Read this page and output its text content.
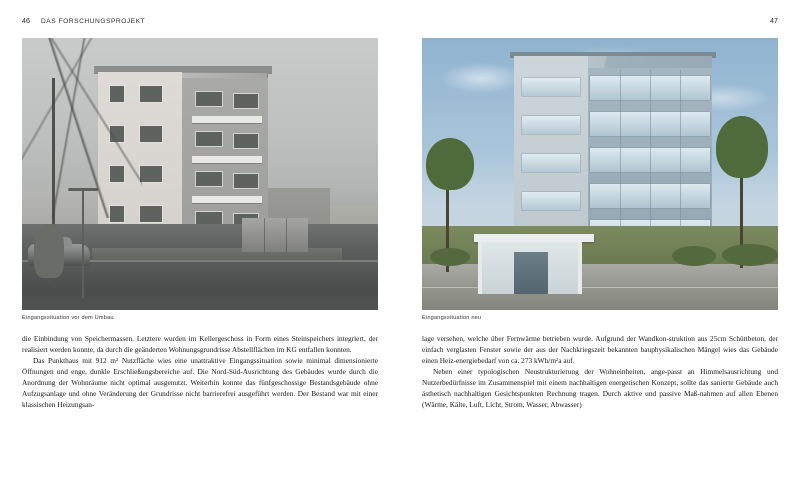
46 DAS FORSCHUNGSPROJEKT
Eingangssituation vor dem Umbau

die Einbindung von Speichermassen. Letztere wurden im Kellergeschoss in Form eines Steinspeichers integriert, der realisiert werden konnte, da durch die geänderten Wohnungsgrundrisse Abstellflächen im KG entfallen konnten.

Das Punkthaus mit 912 m² Nutzfläche wies eine unattraktive Eingangssituation sowie minimal dimensionierte Öffnungen und enge, dunkle Erschließungsbereiche auf. Die Nord-Süd-Ausrichtung des Gebäudes wurde durch die Anordnung der Wohnräume nicht optimal ausgenutzt. Weiterhin konnte das fünfgeschossige Bestandsgebäude ohne Aufzugsanlage und ohne Veränderung der Grundrisse nicht barrierefrei ausgeführt werden. Der Bestand war mit einer klassischen Heizungsan-

47
Eingangssituation neu

lage versehen, welche über Fernwärme betrieben wurde. Aufgrund der Wandkon-struktion aus 25cm Schüttbeton, der einfach verglasten Fenster sowie der aus der Nachkriegszeit bekannten bauphysikalischen Mängel wies das Gebäude einen Heiz-energiebedarf von ca. 273 kWh/m²a auf.

Neben einer typologischen Neustrukturierung der Wohneinheiten, ange-passt an Himmelsausrichtung und Nutzerbedürfnisse im Zusammenspiel mit einem nachhaltigen energetischen Konzept, sollte das sanierte Gebäude auch ästhetisch nachhaltigen Gesichtspunkten Rechnung tragen. Durch aktive und passive Maß-nahmen auf allen Ebenen (Wärme, Kälte, Luft, Licht, Strom, Wasser, Abwasser)
